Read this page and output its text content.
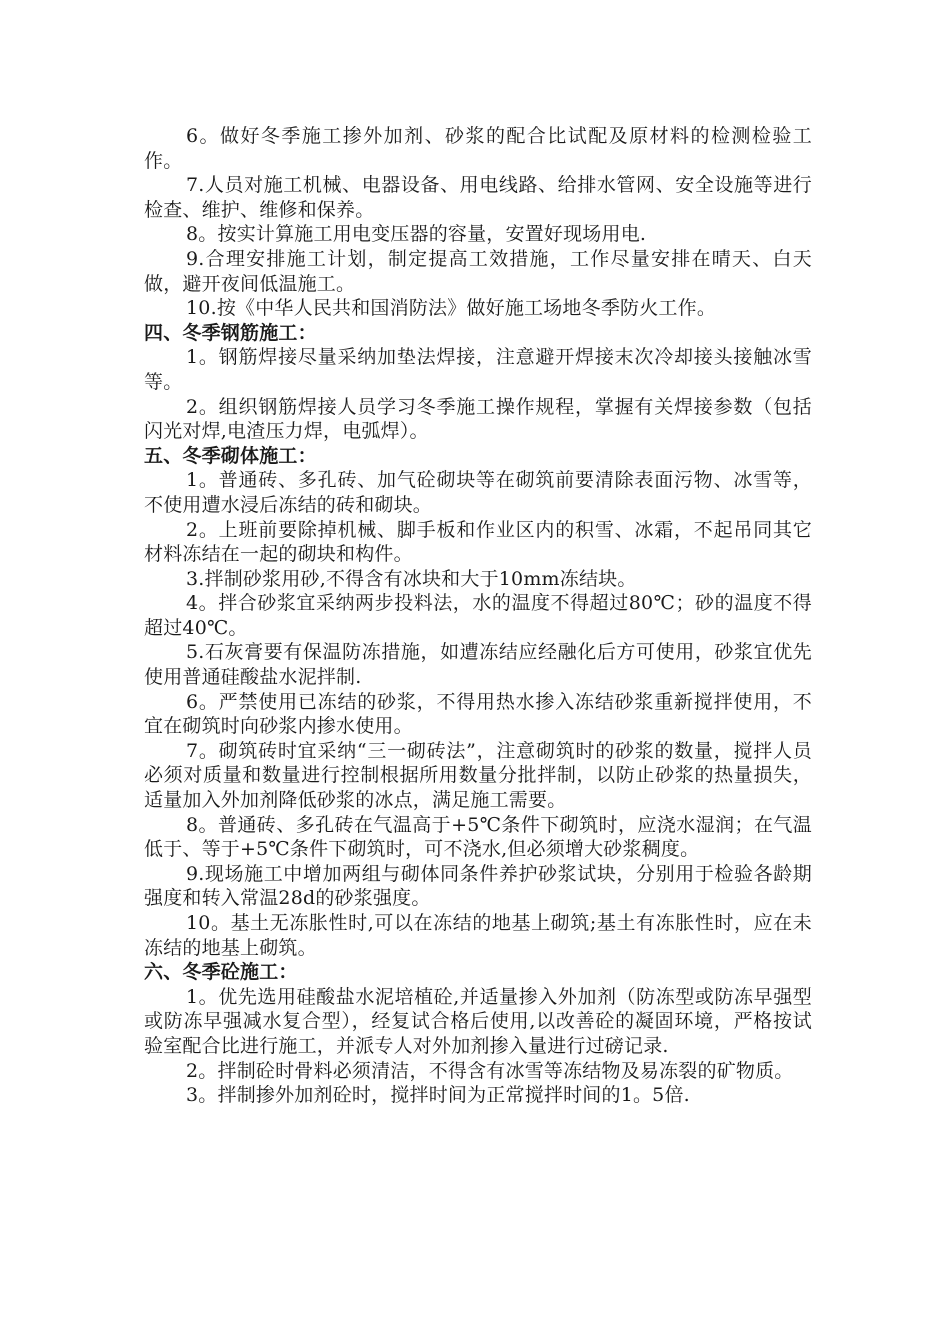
6。做好冬季施工掺外加剂、砂浆的配合比试配及原材料的检测检验工作。

7.人员对施工机械、电器设备、用电线路、给排水管网、安全设施等进行检查、维护、维修和保养。

8。按实计算施工用电变压器的容量，安置好现场用电.

9.合理安排施工计划，制定提高工效措施，工作尽量安排在晴天、白天做，避开夜间低温施工。

10.按《中华人民共和国消防法》做好施工场地冬季防火工作。

四、冬季钢筋施工：

1。钢筋焊接尽量采纳加垫法焊接，注意避开焊接末次冷却接头接触冰雪等。

2。组织钢筋焊接人员学习冬季施工操作规程，掌握有关焊接参数（包括闪光对焊,电渣压力焊，电弧焊）。

五、冬季砌体施工：

1。普通砖、多孔砖、加气砼砌块等在砌筑前要清除表面污物、冰雪等，不使用遭水浸后冻结的砖和砌块。

2。上班前要除掉机械、脚手板和作业区内的积雪、冰霜，不起吊同其它材料冻结在一起的砌块和构件。

3.拌制砂浆用砂,不得含有冰块和大于10mm冻结块。

4。拌合砂浆宜采纳两步投料法，水的温度不得超过80℃；砂的温度不得超过40℃。

5.石灰膏要有保温防冻措施，如遭冻结应经融化后方可使用，砂浆宜优先使用普通硅酸盐水泥拌制.

6。严禁使用已冻结的砂浆，不得用热水掺入冻结砂浆重新搅拌使用，不宜在砌筑时向砂浆内掺水使用。

7。砌筑砖时宜采纳“三一砌砖法”，注意砌筑时的砂浆的数量，搅拌人员必须对质量和数量进行控制根据所用数量分批拌制，以防止砂浆的热量损失，适量加入外加剂降低砂浆的冰点，满足施工需要。

8。普通砖、多孔砖在气温高于+5℃条件下砌筑时，应浇水湿润；在气温低于、等于+5℃条件下砌筑时，可不浇水,但必须增大砂浆稠度。

9.现场施工中增加两组与砌体同条件养护砂浆试块，分别用于检验各龄期强度和转入常温28d的砂浆强度。

10。基土无冻胀性时,可以在冻结的地基上砌筑;基土有冻胀性时，应在未冻结的地基上砌筑。

六、冬季砼施工：

1。优先选用硅酸盐水泥培植砼,并适量掺入外加剂（防冻型或防冻早强型或防冻早强减水复合型），经复试合格后使用,以改善砼的凝固环境，严格按试验室配合比进行施工，并派专人对外加剂掺入量进行过磅记录.

2。拌制砼时骨料必须清洁，不得含有冰雪等冻结物及易冻裂的矿物质。

3。拌制掺外加剂砼时，搅拌时间为正常搅拌时间的1。5倍.
